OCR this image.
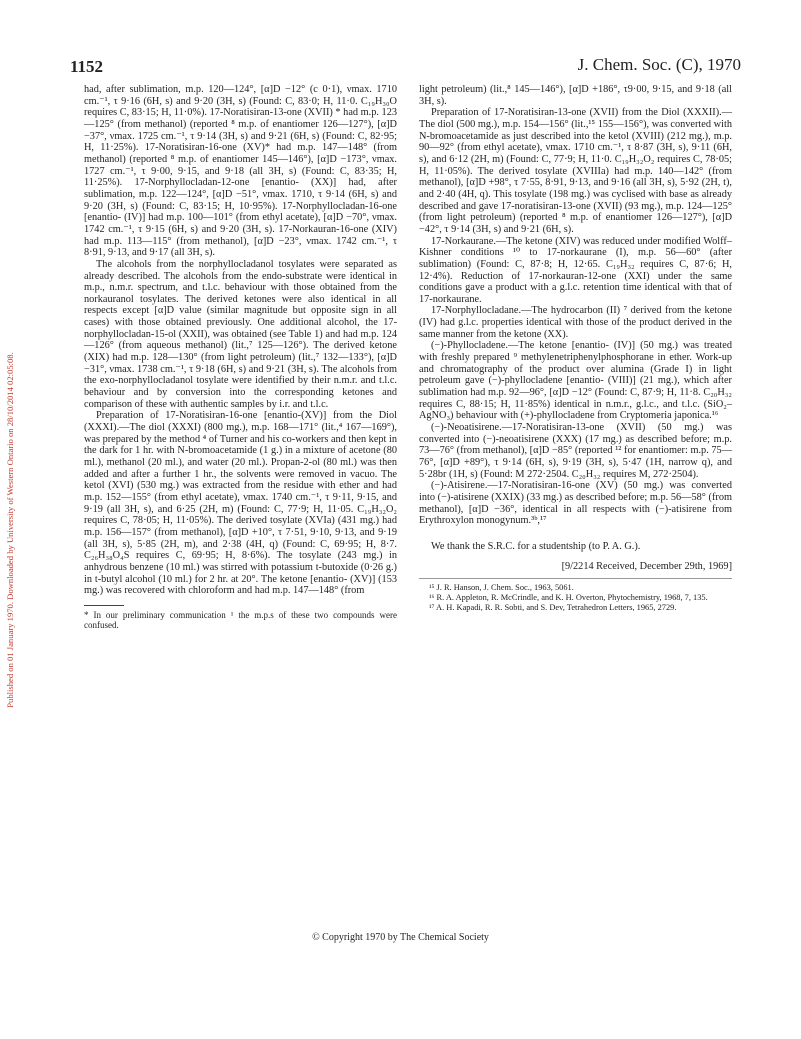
Published on 01 January 1970. Downloaded by University of Western Ontario on 28/10/2014 02:05:08.
1152	J. Chem. Soc. (C), 1970

had, after sublimation, m.p. 120—124°, [α]D −12° (c 0·1), νmax. 1710 cm.⁻¹, τ 9·16 (6H, s) and 9·20 (3H, s) (Found: C, 83·0; H, 11·0. C₁₉H₃₀O requires C, 83·15; H, 11·0%). 17-Noratisiran-13-one (XVII) * had m.p. 123—125° (from methanol) (reported ⁸ m.p. of enantiomer 126—127°), [α]D −37°, νmax. 1725 cm.⁻¹, τ 9·14 (3H, s) and 9·21 (6H, s) (Found: C, 82·95; H, 11·25%). 17-Noratisiran-16-one (XV)* had m.p. 147—148° (from methanol) (reported ⁸ m.p. of enantiomer 145—146°), [α]D −173°, νmax. 1727 cm.⁻¹, τ 9·00, 9·15, and 9·18 (all 3H, s) (Found: C, 83·35; H, 11·25%). 17-Norphyllocladan-12-one [enantio- (XX)] had, after sublimation, m.p. 122—124°, [α]D −51°, νmax. 1710, τ 9·14 (6H, s) and 9·20 (3H, s) (Found: C, 83·15; H, 10·95%). 17-Norphyllocladan-16-one [enantio- (IV)] had m.p. 100—101° (from ethyl acetate), [α]D −70°, νmax. 1742 cm.⁻¹, τ 9·15 (6H, s) and 9·20 (3H, s). 17-Norkauran-16-one (XIV) had m.p. 113—115° (from methanol), [α]D −23°, νmax. 1742 cm.⁻¹, τ 8·91, 9·13, and 9·17 (all 3H, s).

The alcohols from the norphyllocladanol tosylates were separated as already described. The alcohols from the endo-substrate were identical in m.p., n.m.r. spectrum, and t.l.c. behaviour with those obtained from the norkauranol tosylates. The derived ketones were also identical in all respects except [α]D value (similar magnitude but opposite sign in all cases) with those obtained previously. One additional alcohol, the 17-norphyllocladan-15-ol (XXII), was obtained (see Table 1) and had m.p. 124—126° (from aqueous methanol) (lit.,⁷ 125—126°). The derived ketone (XIX) had m.p. 128—130° (from light petroleum) (lit.,⁷ 132—133°), [α]D −31°, νmax. 1738 cm.⁻¹, τ 9·18 (6H, s) and 9·21 (3H, s). The alcohols from the exo-norphyllocladanol tosylate were identified by their n.m.r. and t.l.c. behaviour and by conversion into the corresponding ketones and comparison of these with authentic samples by i.r. and t.l.c.

Preparation of 17-Noratisiran-16-one [enantio-(XV)] from the Diol (XXXI).—The diol (XXXI) (800 mg.), m.p. 168—171° (lit.,⁴ 167—169°), was prepared by the method ⁴ of Turner and his co-workers and then kept in the dark for 1 hr. with N-bromoacetamide (1 g.) in a mixture of acetone (80 ml.), methanol (20 ml.), and water (20 ml.). Propan-2-ol (80 ml.) was then added and after a further 1 hr., the solvents were removed in vacuo. The ketol (XVI) (530 mg.) was extracted from the residue with ether and had m.p. 152—155° (from ethyl acetate), νmax. 1740 cm.⁻¹, τ 9·11, 9·15, and 9·19 (all 3H, s), and 6·25 (2H, m) (Found: C, 77·9; H, 11·05. C₁₉H₃₂O₂ requires C, 78·05; H, 11·05%). The derived tosylate (XVIa) (431 mg.) had m.p. 156—157° (from methanol), [α]D +10°, τ 7·51, 9·10, 9·13, and 9·19 (all 3H, s), 5·85 (2H, m), and 2·38 (4H, q) (Found: C, 69·95; H, 8·7. C₂₆H₃₈O₄S requires C, 69·95; H, 8·6%). The tosylate (243 mg.) in anhydrous benzene (10 ml.) was stirred with potassium t-butoxide (0·26 g.) in t-butyl alcohol (10 ml.) for 2 hr. at 20°. The ketone [enantio- (XV)] (153 mg.) was recovered with chloroform and had m.p. 147—148° (from

* In our preliminary communication ¹ the m.p.s of these two compounds were confused.

light petroleum) (lit.,⁸ 145—146°), [α]D +186°, τ9·00, 9·15, and 9·18 (all 3H, s).

Preparation of 17-Noratisiran-13-one (XVII) from the Diol (XXXII).—The diol (500 mg.), m.p. 154—156° (lit.,¹⁵ 155—156°), was converted with N-bromoacetamide as just described into the ketol (XVIII) (212 mg.), m.p. 90—92° (from ethyl acetate), νmax. 1710 cm.⁻¹, τ 8·87 (3H, s), 9·11 (6H, s), and 6·12 (2H, m) (Found: C, 77·9; H, 11·0. C₁₉H₃₂O₂ requires C, 78·05; H, 11·05%). The derived tosylate (XVIIIa) had m.p. 140—142° (from methanol), [α]D +98°, τ 7·55, 8·91, 9·13, and 9·16 (all 3H, s), 5·92 (2H, t), and 2·40 (4H, q). This tosylate (198 mg.) was cyclised with base as already described and gave 17-noratisiran-13-one (XVII) (93 mg.), m.p. 124—125° (from light petroleum) (reported ⁸ m.p. of enantiomer 126—127°), [α]D −42°, τ 9·14 (3H, s) and 9·21 (6H, s).

17-Norkaurane.—The ketone (XIV) was reduced under modified Wolff–Kishner conditions ¹⁰ to 17-norkaurane (I), m.p. 56—60° (after sublimation) (Found: C, 87·8; H, 12·65. C₁₉H₃₂ requires C, 87·6; H, 12·4%). Reduction of 17-norkauran-12-one (XXI) under the same conditions gave a product with a g.l.c. retention time identical with that of 17-norkaurane.

17-Norphyllocladane.—The hydrocarbon (II) ⁷ derived from the ketone (IV) had g.l.c. properties identical with those of the product derived in the same manner from the ketone (XX).

(−)-Phyllocladene.—The ketone [enantio- (IV)] (50 mg.) was treated with freshly prepared ⁹ methylenetriphenylphosphorane in ether. Work-up and chromatography of the product over alumina (Grade I) in light petroleum gave (−)-phyllocladene [enantio- (VIII)] (21 mg.), which after sublimation had m.p. 92—96°, [α]D −12° (Found: C, 87·9; H, 11·8. C₂₀H₃₂ requires C, 88·15; H, 11·85%) identical in n.m.r., g.l.c., and t.l.c. (SiO₂–AgNO₃) behaviour with (+)-phyllocladene from Cryptomeria japonica.¹⁶

(−)-Neoatisirene.—17-Noratisiran-13-one (XVII) (50 mg.) was converted into (−)-neoatisirene (XXX) (17 mg.) as described before; m.p. 73—76° (from methanol), [α]D −85° (reported ¹² for enantiomer: m.p. 75—76°, [α]D +89°), τ 9·14 (6H, s), 9·19 (3H, s), 5·47 (1H, narrow q), and 5·28br (1H, s) (Found: M 272·2504. C₂₀H₃₂ requires M, 272·2504).

(−)-Atisirene.—17-Noratisiran-16-one (XV) (50 mg.) was converted into (−)-atisirene (XXIX) (33 mg.) as described before; m.p. 56—58° (from methanol), [α]D −36°, identical in all respects with (−)-atisirene from Erythroxylon monogynum.³ᵇ,¹⁷

We thank the S.R.C. for a studentship (to P. A. G.).

[9/2214 Received, December 29th, 1969]

¹⁵ J. R. Hanson, J. Chem. Soc., 1963, 5061.

¹⁶ R. A. Appleton, R. McCrindle, and K. H. Overton, Phytochemistry, 1968, 7, 135.

¹⁷ A. H. Kapadi, R. R. Sobti, and S. Dev, Tetrahedron Letters, 1965, 2729.

© Copyright 1970 by The Chemical Society
